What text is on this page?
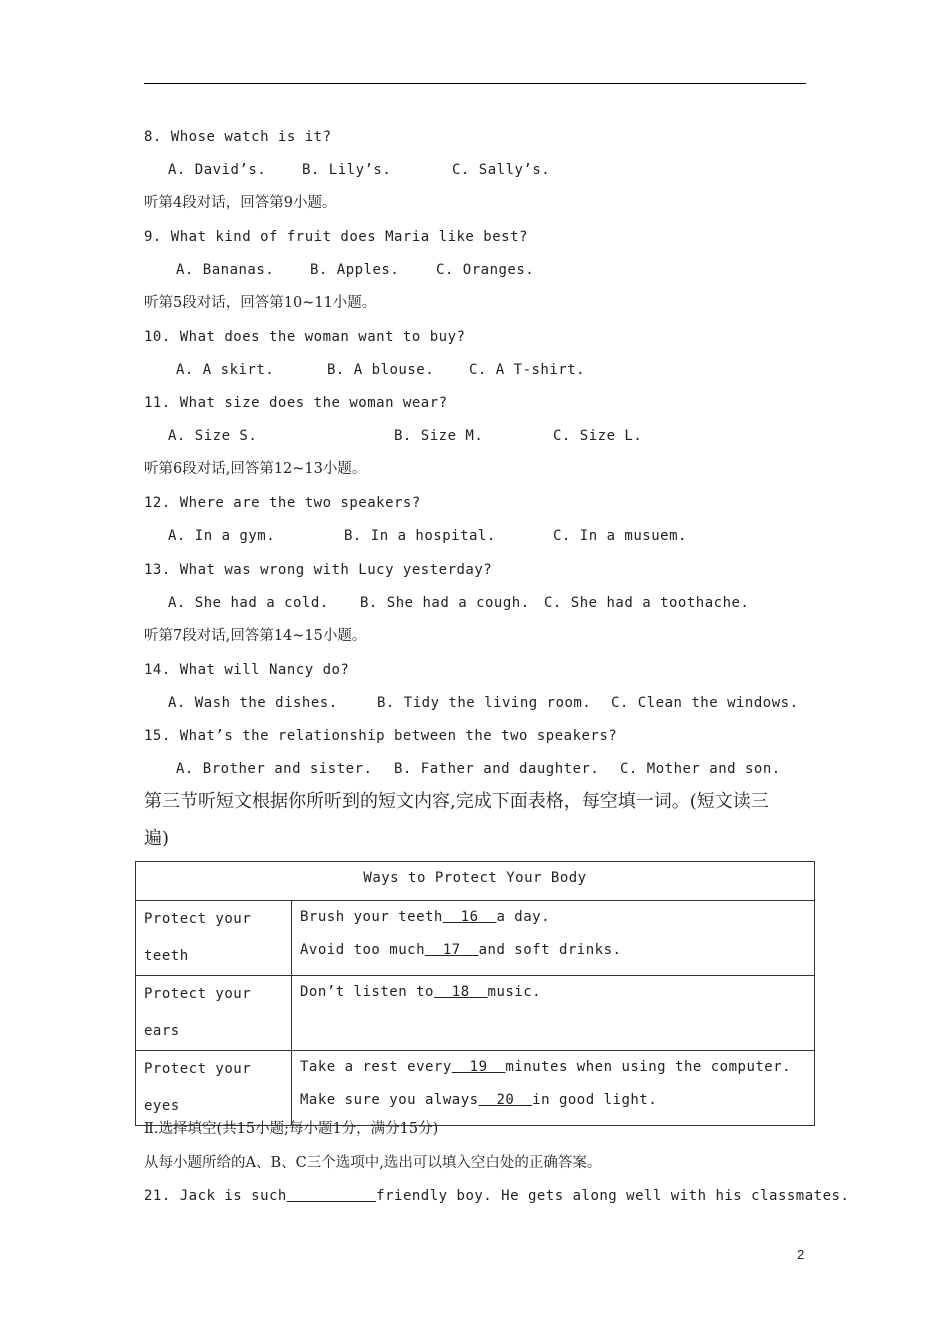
8. Whose watch is it?
A. David’s.	B. Lily’s.	C. Sally’s.
听第4段对话，回答第9小题。
9. What kind of fruit does Maria like best?
A. Bananas.	B. Apples.	C. Oranges.
听第5段对话，回答第10~11小题。
10. What does the woman want to buy?
A. A skirt.	B. A blouse. C. A T-shirt.
11. What size does the woman wear?
A. Size S.	B. Size M.	C. Size L.
听第6段对话,回答第12~13小题。
12. Where are the two speakers?
A. In a gym.	B. In a hospital.	C. In a musuem.
13. What was wrong with Lucy yesterday?
A. She had a cold. B. She had a cough. C. She had a toothache.
听第7段对话,回答第14~15小题。
14. What will Nancy do?
A. Wash the dishes.	B. Tidy the living room. C. Clean the windows.
15. What’s the relationship between the two speakers?
A. Brother and sister. B. Father and daughter. C. Mother and son.
第三节听短文根据你所听到的短文内容,完成下面表格，每空填一词。(短文读三
遍)
Ways to Protect Your Body	
Protect your
teeth	Brush your teeth 16 a day.
Avoid too much 17 and soft drinks.
Protect your
ears	Don’t listen to 18 music.
Protect your
eyes	Take a rest every 19 minutes when using the computer.
Make sure you always 20 in good light.
Ⅱ.选择填空(共15小题;每小题1分，满分15分)
从每小题所给的A、B、C三个选项中,选出可以填入空白处的正确答案。
21. Jack is such	friendly boy. He gets along well with his classmates.
2
